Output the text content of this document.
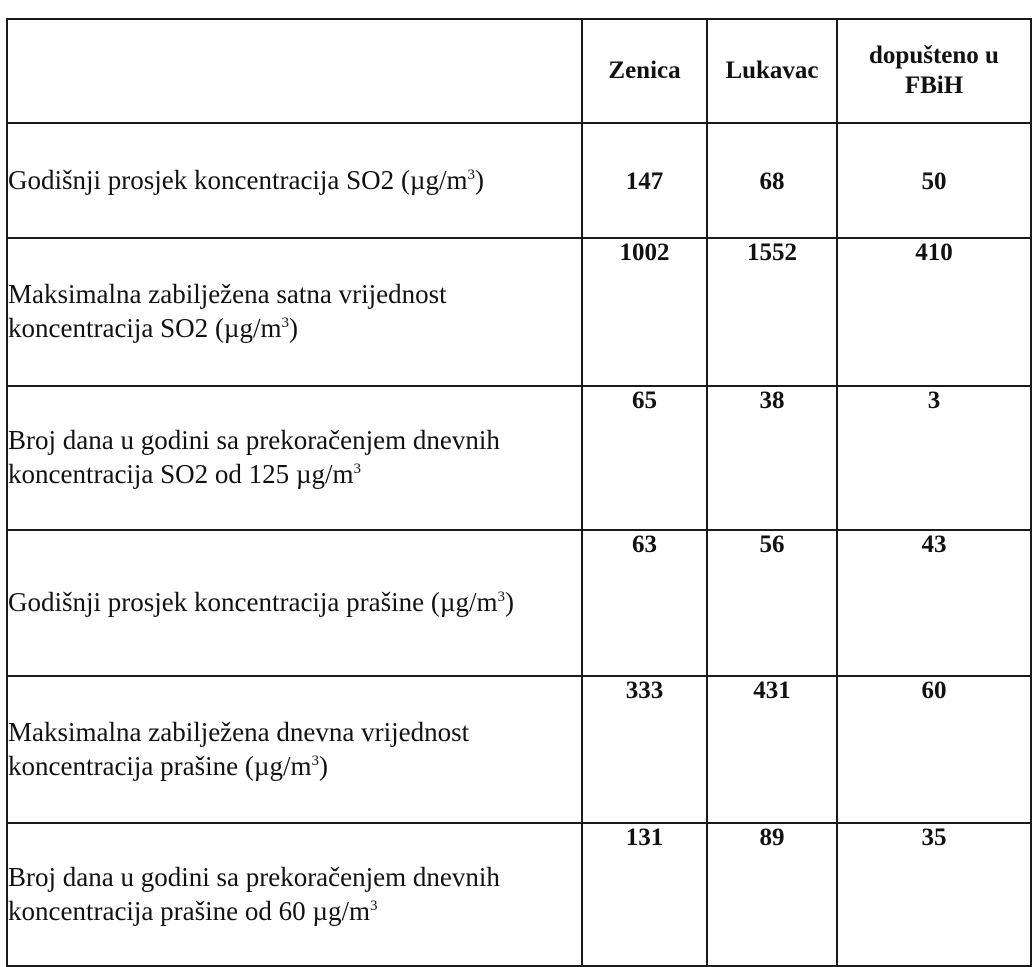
	Zenica	Lukavac	dopušteno u FBiH
Godišnji prosjek koncentracija SO2 $(\mu g/m^3)$	147	68	50
Maksimalna zabilježena satna vrijednost koncentracija SO2 $(\mu g/m^3)$	1002	1552	410
Broj dana u godini sa prekoračenjem dnevnih koncentracija SO2 od 125 $\mu g/m^3$	65	38	3
Godišnji prosjek koncentracija prašine $(\mu g/m^3)$	63	56	43
Maksimalna zabilježena dnevna vrijednost koncentracija prašine $(\mu g/m^3)$	333	431	60
Broj dana u godini sa prekoračenjem dnevnih koncentracija prašine od 60 $\mu g/m^3$	131	89	35
